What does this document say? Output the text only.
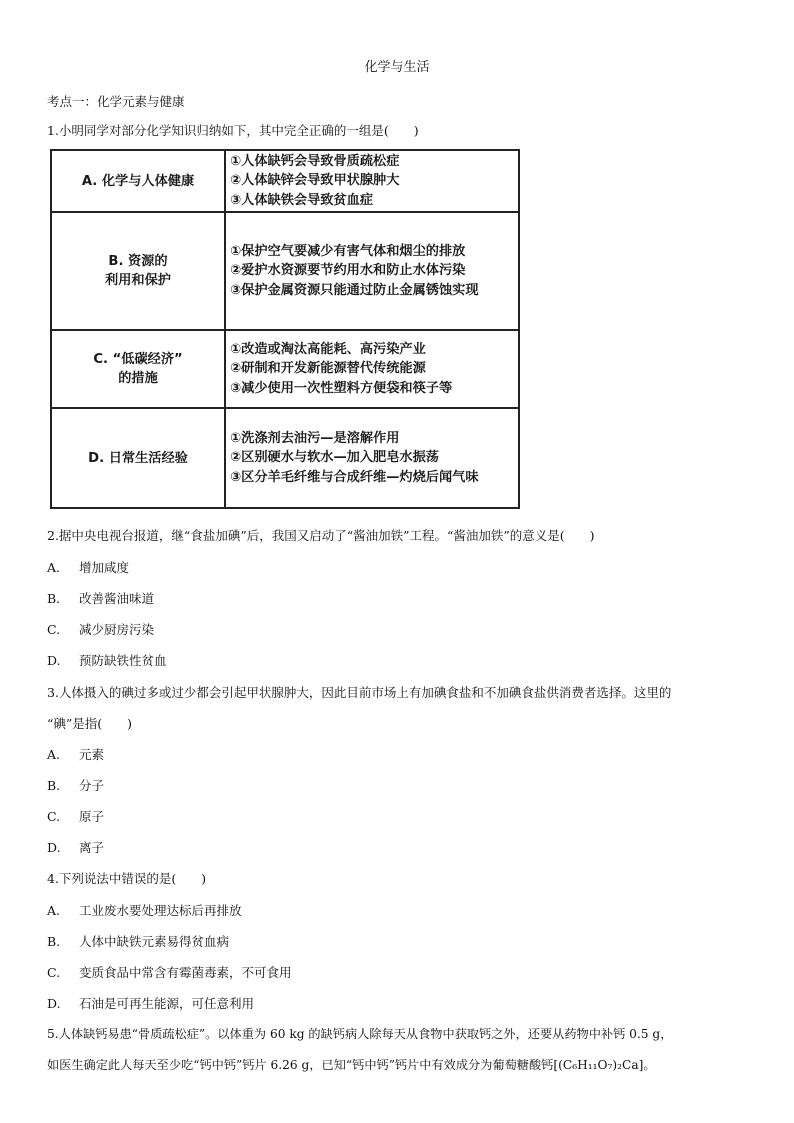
化学与生活
考点一：化学元素与健康
1.小明同学对部分化学知识归纳如下，其中完全正确的一组是(　　)
A. 化学与人体健康	①人体缺钙会导致骨质疏松症
②人体缺锌会导致甲状腺肿大
③人体缺铁会导致贫血症

B. 资源的
利用和保护	①保护空气要减少有害气体和烟尘的排放
②爱护水资源要节约用水和防止水体污染
③保护金属资源只能通过防止金属锈蚀实现

C. “低碳经济”
的措施	①改造或淘汰高能耗、高污染产业
②研制和开发新能源替代传统能源
③减少使用一次性塑料方便袋和筷子等

D. 日常生活经验	①洗涤剂去油污—是溶解作用
②区别硬水与软水—加入肥皂水振荡
③区分羊毛纤维与合成纤维—灼烧后闻气味
2.据中央电视台报道，继“食盐加碘”后，我国又启动了“酱油加铁”工程。“酱油加铁”的意义是(　　)
A. 增加咸度
B. 改善酱油味道
C. 减少厨房污染
D. 预防缺铁性贫血
3.人体摄入的碘过多或过少都会引起甲状腺肿大，因此目前市场上有加碘食盐和不加碘食盐供消费者选择。这里的
“碘”是指(　　)
A. 元素
B. 分子
C. 原子
D. 离子
4.下列说法中错误的是(　　)
A. 工业废水要处理达标后再排放
B. 人体中缺铁元素易得贫血病
C. 变质食品中常含有霉菌毒素，不可食用
D. 石油是可再生能源，可任意利用
5.人体缺钙易患“骨质疏松症”。以体重为 60 kg 的缺钙病人除每天从食物中获取钙之外，还要从药物中补钙 0.5 g，
如医生确定此人每天至少吃“钙中钙”钙片 6.26 g，已知“钙中钙”钙片中有效成分为葡萄糖酸钙[(C₆H₁₁O₇)₂Ca]。
